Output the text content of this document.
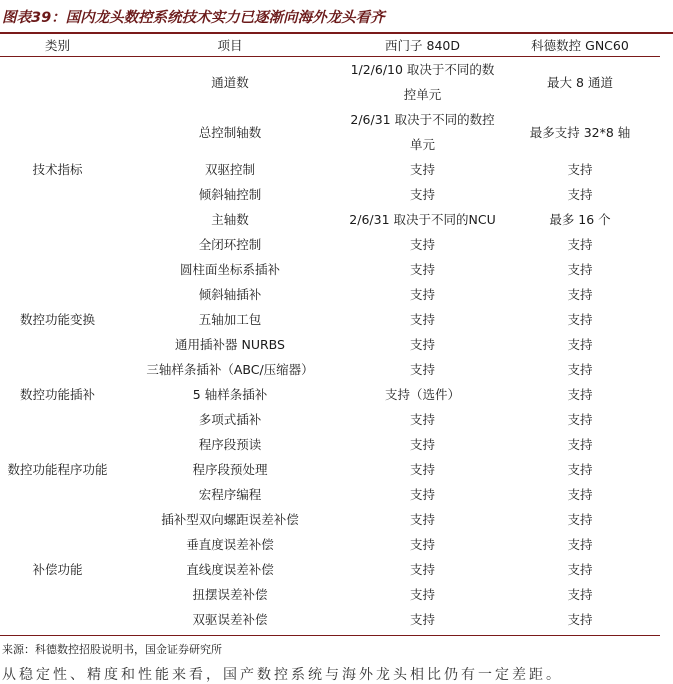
图表39：国内龙头数控系统技术实力已逐渐向海外龙头看齐
类别	项目	西门子 840D	科德数控 GNC60
技术指标	通道数	1/2/6/10 取决于不同的数控单元	最大 8 通道
	总控制轴数	2/6/31 取决于不同的数控单元	最多支持 32*8 轴
	双驱控制	支持	支持
	倾斜轴控制	支持	支持
	主轴数	2/6/31 取决于不同的NCU	最多 16 个
	全闭环控制	支持	支持
	圆柱面坐标系插补	支持	支持
数控功能变换	倾斜轴插补	支持	支持
	五轴加工包	支持	支持
	通用插补器 NURBS	支持	支持
数控功能插补	三轴样条插补（ABC/压缩器）	支持	支持
	5 轴样条插补	支持（选件）	支持
	多项式插补	支持	支持
数控功能程序功能	程序段预读	支持	支持
	程序段预处理	支持	支持
	宏程序编程	支持	支持
补偿功能	插补型双向螺距误差补偿	支持	支持
	垂直度误差补偿	支持	支持
	直线度误差补偿	支持	支持
	扭摆误差补偿	支持	支持
	双驱误差补偿	支持	支持
来源：科德数控招股说明书，国金证券研究所
从稳定性、精度和性能来看，国产数控系统与海外龙头相比仍有一定差距。
